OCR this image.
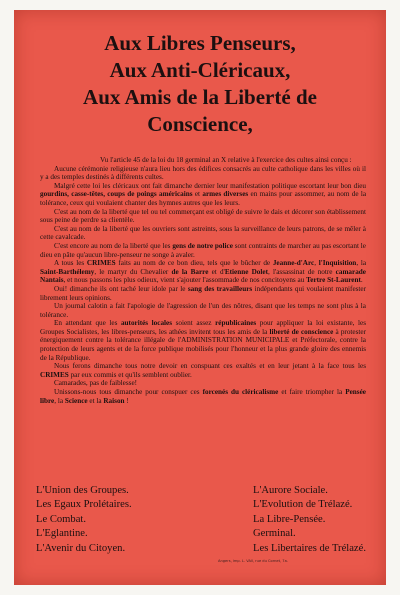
Aux Libres Penseurs,
Aux Anti-Cléricaux,
Aux Amis de la Liberté de
Conscience,

Vu l'article 45 de la loi du 18 germinal an X relative à l'exercice des cultes ainsi conçu :

Aucune cérémonie religieuse n'aura lieu hors des édifices consacrés au culte catholique dans les villes où il y a des temples destinés à différents cultes.

Malgré cette loi les cléricaux ont fait dimanche dernier leur manifestation politique escortant leur bon dieu gourdins, casse-têtes, coups de poings américains et armes diverses en mains pour assommer, au nom de la tolérance, ceux qui voulaient chanter des hymnes autres que les leurs.

C'est au nom de la liberté que tel ou tel commerçant est obligé de suivre le dais et décorer son établissement sous peine de perdre sa clientèle.

C'est au nom de la liberté que les ouvriers sont astreints, sous la surveillance de leurs patrons, de se mêler à cette cavalcade.

C'est encore au nom de la liberté que les gens de notre police sont contraints de marcher au pas escortant le dieu en pâte qu'aucun libre-penseur ne songe à avaler.

A tous les CRIMES faits au nom de ce bon dieu, tels que le bûcher de Jeanne-d'Arc, l'Inquisition, la Saint-Barthélemy, le martyr du Chevalier de la Barre et d'Etienne Dolet, l'assassinat de notre camarade Nantais, et nous passons les plus odieux, vient s'ajouter l'assommade de nos concitoyens au Tertre St-Laurent.

Oui! dimanche ils ont taché leur idole par le sang des travailleurs indépendants qui voulaient manifester librement leurs opinions.

Un journal calotin a fait l'apologie de l'agression de l'un des nôtres, disant que les temps ne sont plus à la tolérance.

En attendant que les autorités locales soient assez républicaines pour appliquer la loi existante, les Groupes Socialistes, les libres-penseurs, les athées invitent tous les amis de la liberté de conscience à protester énergiquement contre la tolérance illégale de l'ADMINISTRATION MUNICIPALE et Préfectorale, contre la protection de leurs agents et de la force publique mobilisés pour l'honneur et la plus grande gloire des ennemis de la République.

Nous ferons dimanche tous notre devoir en conspuant ces exaltés et en leur jetant à la face tous les CRIMES par eux commis et qu'ils semblent oublier.

Camarades, pas de faiblesse!

Unissons-nous tous dimanche pour conspuer ces forcenés du cléricalisme et faire triompher la Pensée libre, la Science et la Raison !

L'Union des Groupes.
Les Egaux Prolétaires.
Le Combat.
L'Eglantine.
L'Avenir du Citoyen.
L'Aurore Sociale.
L'Evolution de Trélazé.
La Libre-Pensée.
Germinal.
Les Libertaires de Trélazé.
Angers, imp. L. VAll, rue du Cornet, 7a.
